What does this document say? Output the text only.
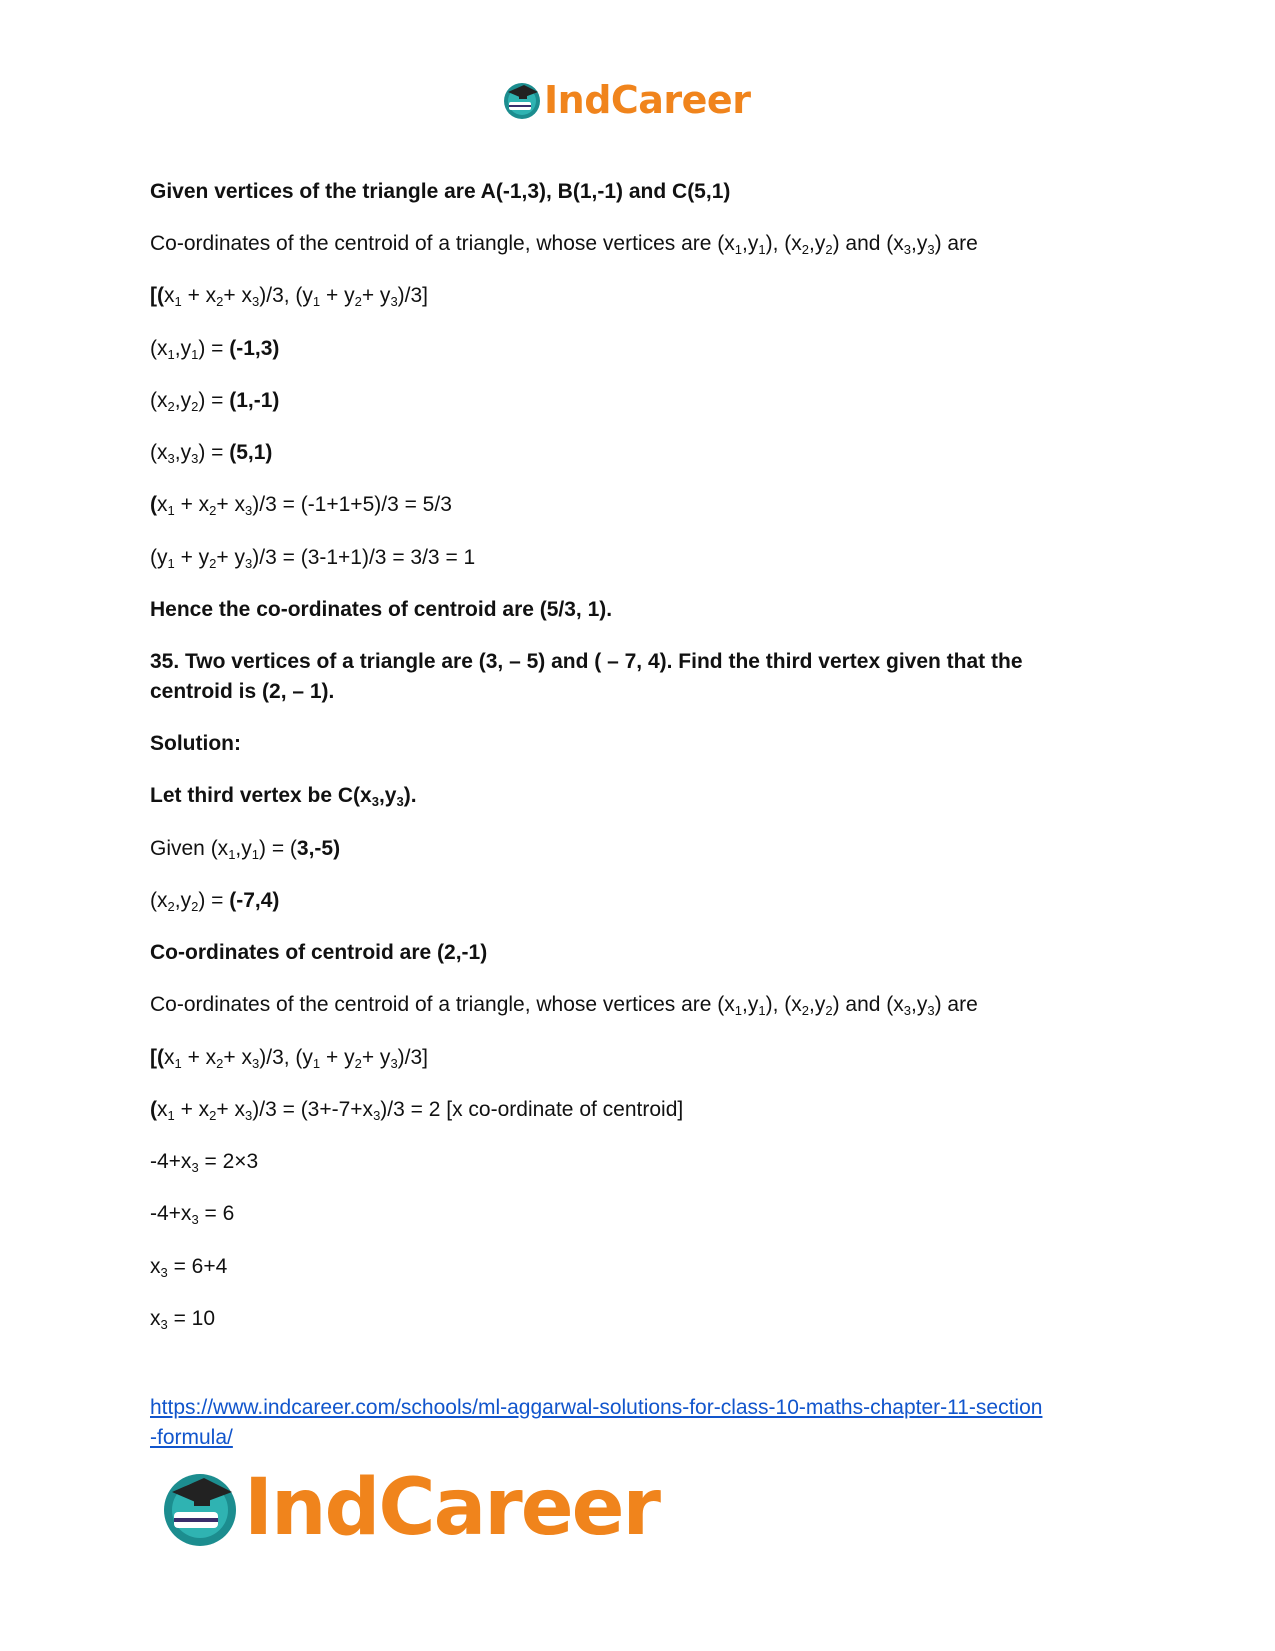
IndCareer
Given vertices of the triangle are A(-1,3), B(1,-1) and C(5,1)
Co-ordinates of the centroid of a triangle, whose vertices are $(x_1,y_1)$, $(x_2,y_2)$ and $(x_3,y_3)$ are
[$(x_1 + x_2+ x_3)/3$, $(y_1 + y_2+ y_3)/3$]
$(x_1,y_1) = (-1,3)$
$(x_2,y_2) = (1,-1)$
$(x_3,y_3) = (5,1)$
$(x_1 + x_2+ x_3)/3 = (-1+1+5)/3 = 5/3$
$(y_1 + y_2+ y_3)/3 = (3-1+1)/3 = 3/3 = 1$
Hence the co-ordinates of centroid are (5/3, 1).
35. Two vertices of a triangle are (3, – 5) and ( – 7, 4). Find the third vertex given that the
centroid is (2, – 1).
Solution:
Let third vertex be $C(x_3,y_3)$.
Given $(x_1,y_1) = (3,-5)$
$(x_2,y_2) = (-7,4)$
Co-ordinates of centroid are (2,-1)
Co-ordinates of the centroid of a triangle, whose vertices are $(x_1,y_1)$, $(x_2,y_2)$ and $(x_3,y_3)$ are
[$(x_1 + x_2+ x_3)/3$, $(y_1 + y_2+ y_3)/3$]
$(x_1 + x_2+ x_3)/3 = (3+-7+x_3)/3 = 2$ [x co-ordinate of centroid]
$-4+x_3 = 2\times 3$
$-4+x_3 = 6$
$x_3 = 6+4$
$x_3 = 10$
https://www.indcareer.com/schools/ml-aggarwal-solutions-for-class-10-maths-chapter-11-section
-formula/
IndCareer
